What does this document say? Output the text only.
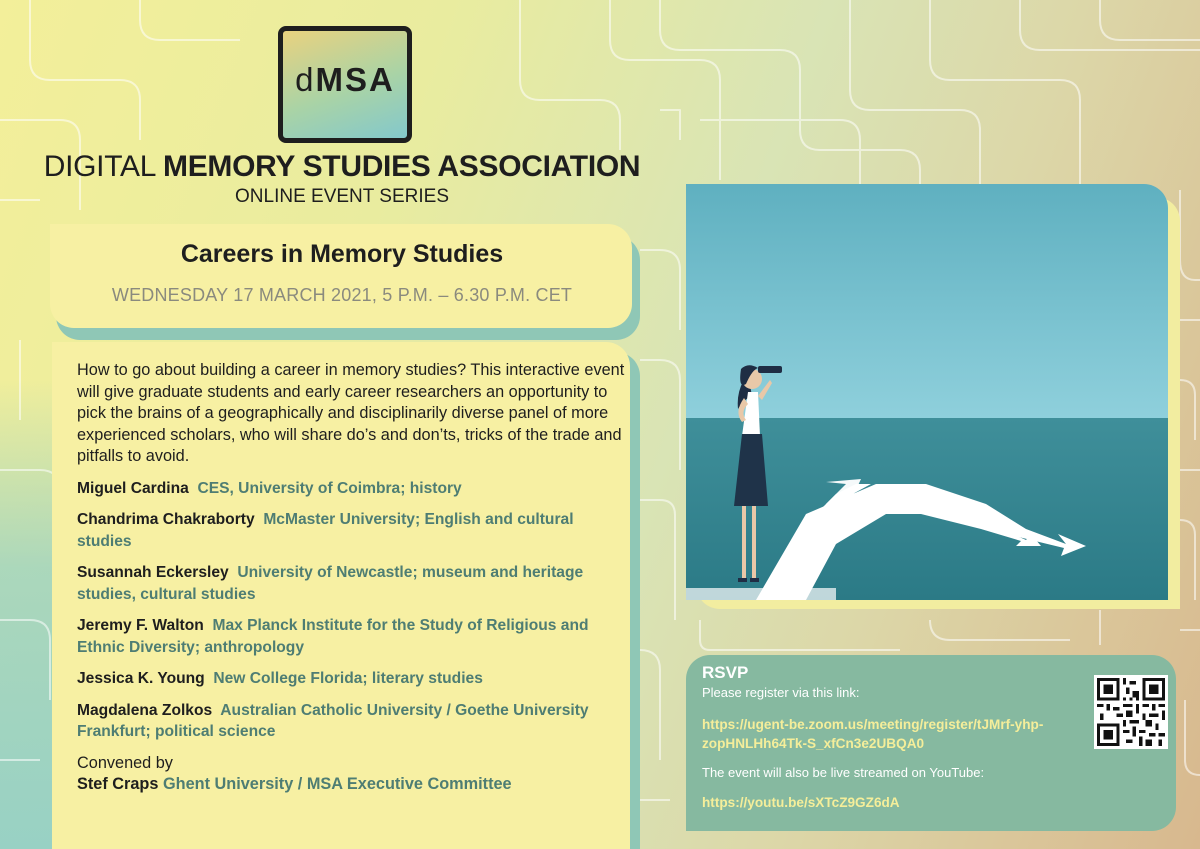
dMSA
DIGITAL MEMORY STUDIES ASSOCIATION
ONLINE EVENT SERIES
Careers in Memory Studies
WEDNESDAY 17 MARCH 2021, 5 P.M. – 6.30 P.M. CET

How to go about building a career in memory studies? This interactive event will give graduate students and early career researchers an opportunity to pick the brains of a geographically and disciplinarily diverse panel of more experienced scholars, who will share do’s and don’ts, tricks of the trade and pitfalls to avoid.

Miguel Cardina CES, University of Coimbra; history

Chandrima Chakraborty McMaster University; English and cultural studies

Susannah Eckersley University of Newcastle; museum and heritage studies, cultural studies

Jeremy F. Walton Max Planck Institute for the Study of Religious and Ethnic Diversity; anthropology

Jessica K. Young New College Florida; literary studies

Magdalena Zolkos Australian Catholic University / Goethe University Frankfurt; political science

Convened by
Stef Craps Ghent University / MSA Executive Committee
RSVP
Please register via this link:
https://ugent-be.zoom.us/meeting/register/tJMrf-yhp-zopHNLHh64Tk-S_xfCn3e2UBQA0
The event will also be live streamed on YouTube:
https://youtu.be/sXTcZ9GZ6dA
